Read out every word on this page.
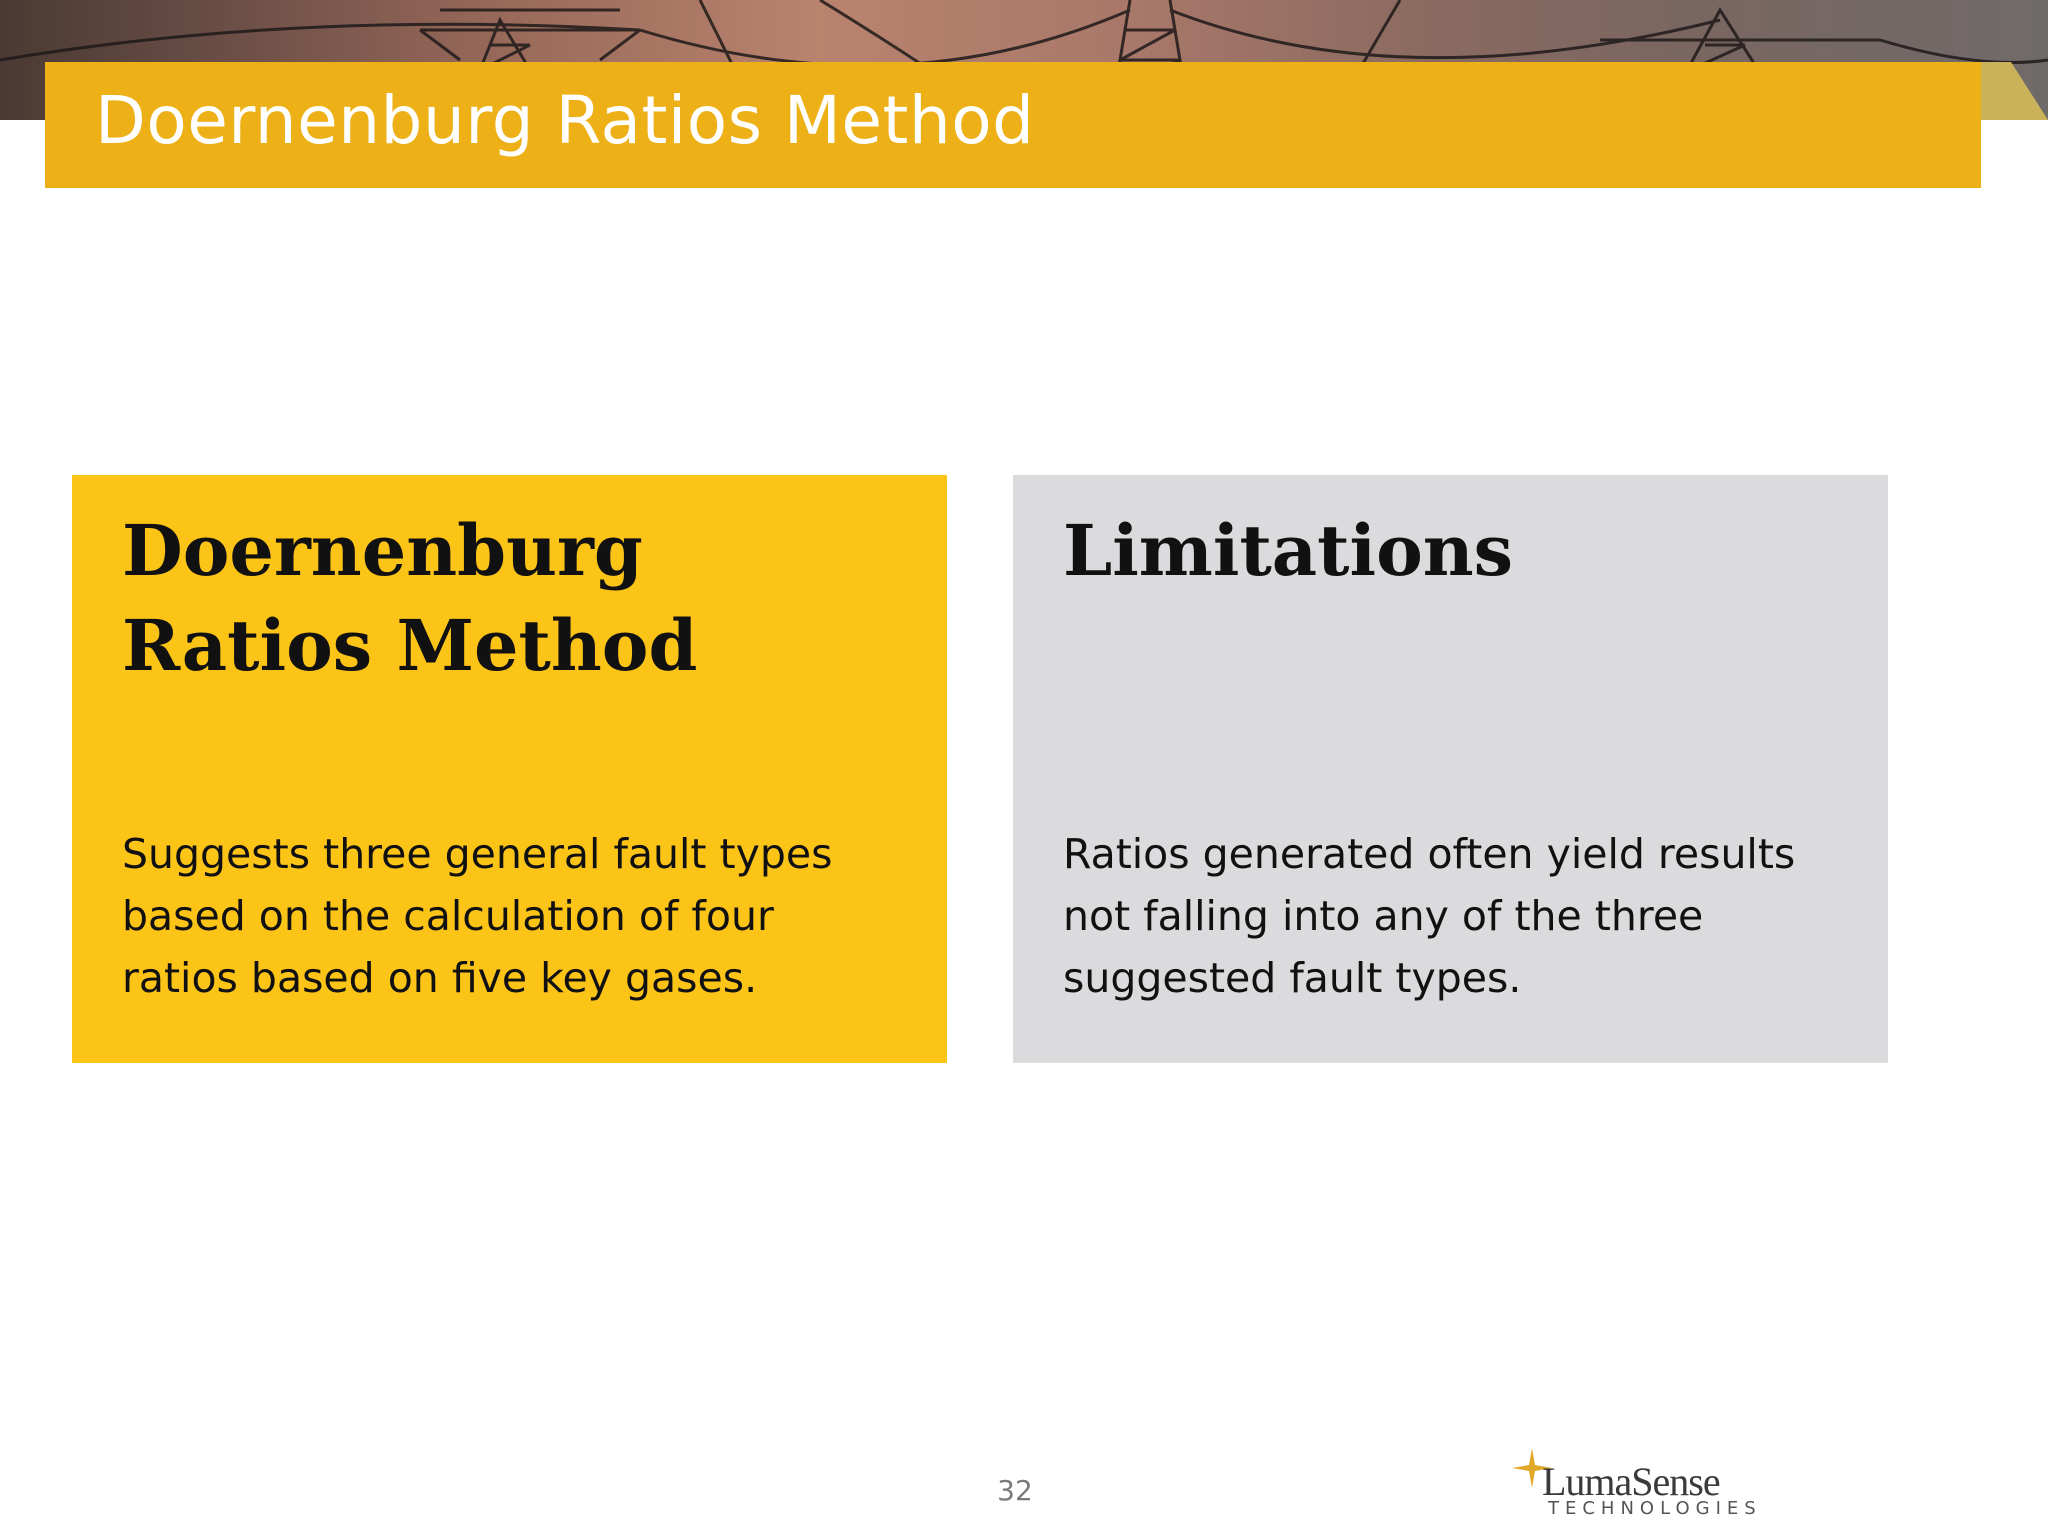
Doernenburg Ratios Method
Doernenburg
Ratios Method
Suggests three general fault types
based on the calculation of four
ratios based on five key gases.
Limitations
Ratios generated often yield results
not falling into any of the three
suggested fault types.
32	LumaSense
TECHNOLOGIES
